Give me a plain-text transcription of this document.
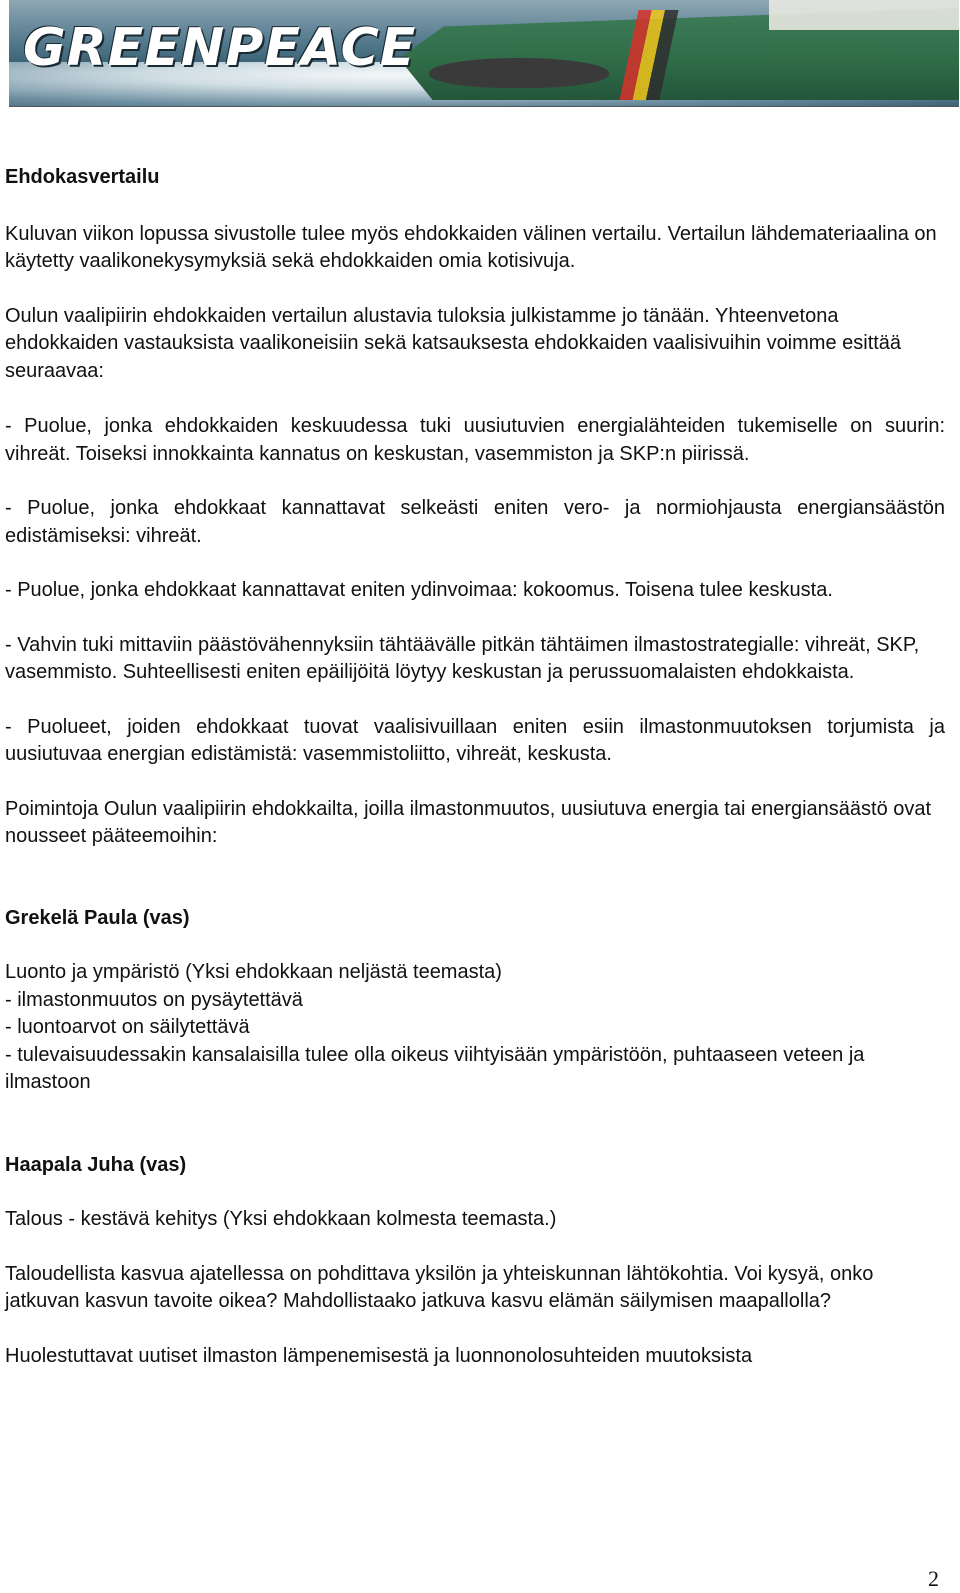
GREENPEACE
Ehdokasvertailu

Kuluvan viikon lopussa sivustolle tulee myös ehdokkaiden välinen vertailu. Vertailun lähdemateriaalina on käytetty vaalikonekysymyksiä sekä ehdokkaiden omia kotisivuja.

Oulun vaalipiirin ehdokkaiden vertailun alustavia tuloksia julkistamme jo tänään. Yhteenvetona ehdokkaiden vastauksista vaalikoneisiin sekä katsauksesta ehdokkaiden vaalisivuihin voimme esittää seuraavaa:

- Puolue, jonka ehdokkaiden keskuudessa tuki uusiutuvien energialähteiden tukemiselle on suurin: vihreät. Toiseksi innokkainta kannatus on keskustan, vasemmiston ja SKP:n piirissä.

- Puolue, jonka ehdokkaat kannattavat selkeästi eniten vero- ja normiohjausta energiansäästön edistämiseksi: vihreät.

- Puolue, jonka ehdokkaat kannattavat eniten ydinvoimaa: kokoomus. Toisena tulee keskusta.

- Vahvin tuki mittaviin päästövähennyksiin tähtäävälle pitkän tähtäimen ilmastostrategialle: vihreät, SKP, vasemmisto. Suhteellisesti eniten epäilijöitä löytyy keskustan ja perussuomalaisten ehdokkaista.

- Puolueet, joiden ehdokkaat tuovat vaalisivuillaan eniten esiin ilmastonmuutoksen torjumista ja uusiutuvaa energian edistämistä: vasemmistoliitto, vihreät, keskusta.

Poimintoja Oulun vaalipiirin ehdokkailta, joilla ilmastonmuutos, uusiutuva energia tai energiansäästö ovat nousseet pääteemoihin:

Grekelä Paula (vas)

Luonto ja ympäristö (Yksi ehdokkaan neljästä teemasta)

- ilmastonmuutos on pysäytettävä

- luontoarvot on säilytettävä

- tulevaisuudessakin kansalaisilla tulee olla oikeus viihtyisään ympäristöön, puhtaaseen veteen ja ilmastoon

Haapala Juha (vas)

Talous - kestävä kehitys (Yksi ehdokkaan kolmesta teemasta.)

Taloudellista kasvua ajatellessa on pohdittava yksilön ja yhteiskunnan lähtökohtia. Voi kysyä, onko jatkuvan kasvun tavoite oikea? Mahdollistaako jatkuva kasvu elämän säilymisen maapallolla?

Huolestuttavat uutiset ilmaston lämpenemisestä ja luonnonolosuhteiden muutoksista

2
